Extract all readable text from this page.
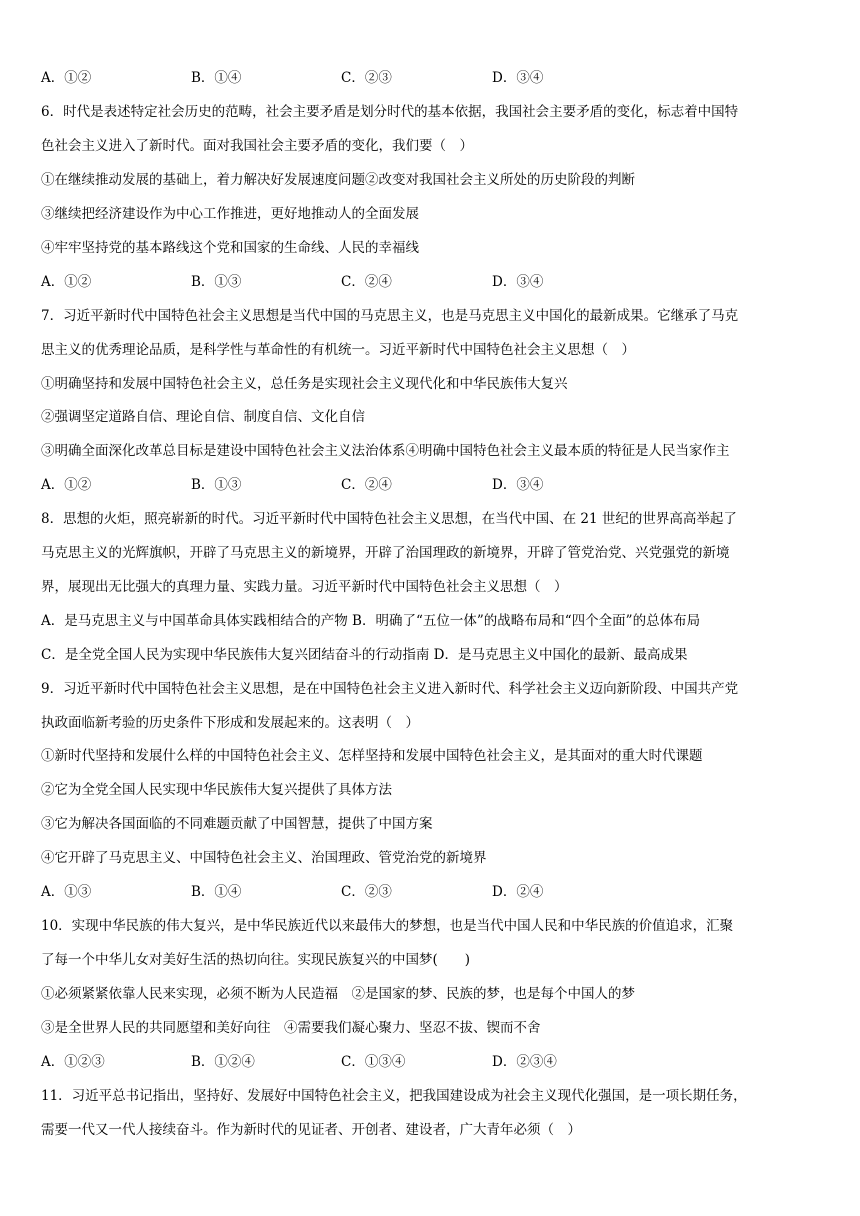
A．①②	B．①④	C．②③	D．③④
6．时代是表述特定社会历史的范畴，社会主要矛盾是划分时代的基本依据，我国社会主要矛盾的变化，标志着中国特
色社会主义进入了新时代。面对我国社会主要矛盾的变化，我们要（　）
①在继续推动发展的基础上，着力解决好发展速度问题②改变对我国社会主义所处的历史阶段的判断
③继续把经济建设作为中心工作推进，更好地推动人的全面发展
④牢牢坚持党的基本路线这个党和国家的生命线、人民的幸福线
A．①②	B．①③	C．②④	D．③④
7．习近平新时代中国特色社会主义思想是当代中国的马克思主义，也是马克思主义中国化的最新成果。它继承了马克
思主义的优秀理论品质，是科学性与革命性的有机统一。习近平新时代中国特色社会主义思想（　）
①明确坚持和发展中国特色社会主义，总任务是实现社会主义现代化和中华民族伟大复兴
②强调坚定道路自信、理论自信、制度自信、文化自信
③明确全面深化改革总目标是建设中国特色社会主义法治体系④明确中国特色社会主义最本质的特征是人民当家作主
A．①②	B．①③	C．②④	D．③④
8．思想的火炬，照亮崭新的时代。习近平新时代中国特色社会主义思想，在当代中国、在 21 世纪的世界高高举起了
马克思主义的光辉旗帜，开辟了马克思主义的新境界，开辟了治国理政的新境界，开辟了管党治党、兴党强党的新境
界，展现出无比强大的真理力量、实践力量。习近平新时代中国特色社会主义思想（　）
A．是马克思主义与中国革命具体实践相结合的产物 B．明确了“五位一体”的战略布局和“四个全面”的总体布局
C．是全党全国人民为实现中华民族伟大复兴团结奋斗的行动指南 D．是马克思主义中国化的最新、最高成果
9．习近平新时代中国特色社会主义思想，是在中国特色社会主义进入新时代、科学社会主义迈向新阶段、中国共产党
执政面临新考验的历史条件下形成和发展起来的。这表明（　）
①新时代坚持和发展什么样的中国特色社会主义、怎样坚持和发展中国特色社会主义，是其面对的重大时代课题
②它为全党全国人民实现中华民族伟大复兴提供了具体方法
③它为解决各国面临的不同难题贡献了中国智慧，提供了中国方案
④它开辟了马克思主义、中国特色社会主义、治国理政、管党治党的新境界
A．①③	B．①④	C．②③	D．②④
10．实现中华民族的伟大复兴，是中华民族近代以来最伟大的梦想，也是当代中国人民和中华民族的价值追求，汇聚
了每一个中华儿女对美好生活的热切向往。实现民族复兴的中国梦(　　)
①必须紧紧依靠人民来实现，必须不断为人民造福　②是国家的梦、民族的梦，也是每个中国人的梦
③是全世界人民的共同愿望和美好向往　④需要我们凝心聚力、坚忍不拔、锲而不舍
A．①②③	B．①②④	C．①③④	D．②③④
11．习近平总书记指出，坚持好、发展好中国特色社会主义，把我国建设成为社会主义现代化强国，是一项长期任务，
需要一代又一代人接续奋斗。作为新时代的见证者、开创者、建设者，广大青年必须（　）
